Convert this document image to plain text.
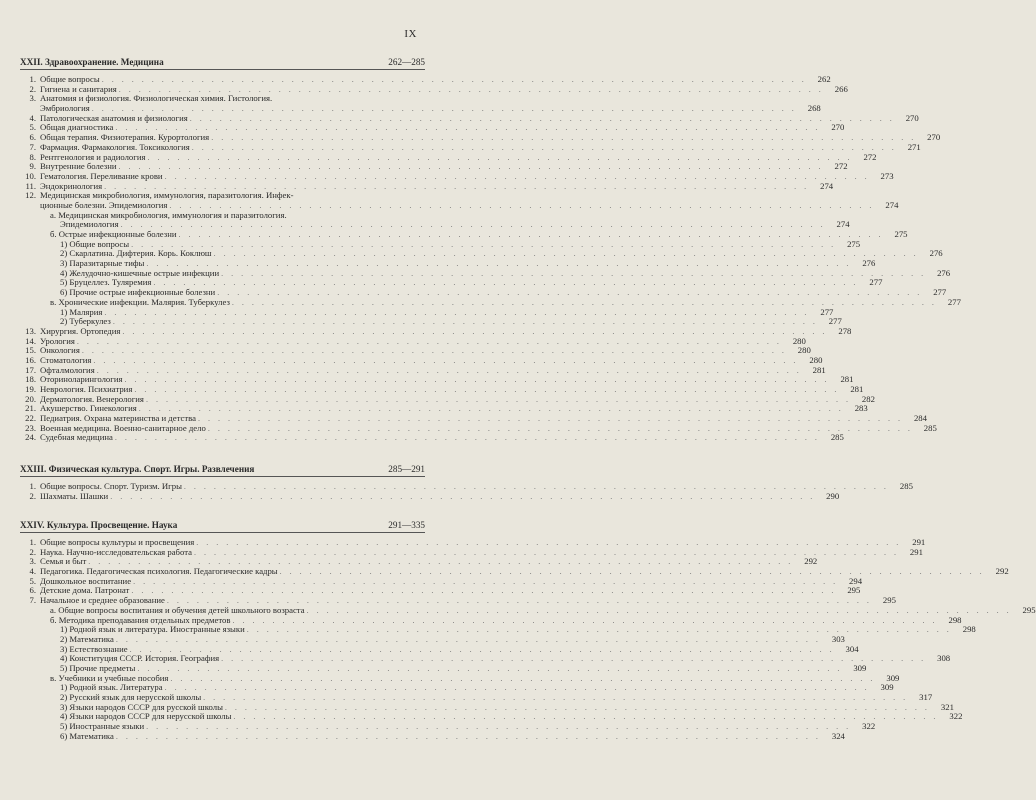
IX
XXII. Здравоохранение. Медицина	262—285
1. Общие вопросы . . .	262
2. Гигиена и санитария . . .	266
3. Анатомия и физиология. Физиологическая химия. Гистология.
Эмбриология . . .	268
4. Патологическая анатомия и физиология . . .	270
5. Общая диагностика . . .	270
6. Общая терапия. Физиотерапия. Курортология . . .	270
7. Фармация. Фармакология. Токсикология . . .	271
8. Рентгенология и радиология . . .	272
9. Внутренние болезни . . .	272
10. Гематология. Переливание крови . . .	273
11. Эндокринология . . .	274
12. Медицинская микробиология, иммунология, паразитология. Инфек-
ционные болезни. Эпидемиология . . .	274
а. Медицинская микробиология, иммунология и паразитология.
Эпидемиология . . .	274
б. Острые инфекционные болезни . . .	275
1) Общие вопросы . . .	275
2) Скарлатина. Дифтерия. Корь. Коклюш . . .	276
3) Паразитарные тифы . . .	276
4) Желудочно-кишечные острые инфекции . . .	276
5) Бруцеллез. Туляремия . . .	277
6) Прочие острые инфекционные болезни . . .	277
в. Хронические инфекции. Малярия. Туберкулез . . .	277
1) Малярия . . .	277
2) Туберкулез . . .	277
13. Хирургия. Ортопедия . . .	278
14. Урология . . .	280
15. Онкология . . .	280
16. Стоматология . . .	280
17. Офталмология . . .	281
18. Оториноларингология . . .	281
19. Неврология. Психиатрия . . .	281
20. Дерматология. Венерология . . .	282
21. Акушерство. Гинекология . . .	283
22. Педиатрия. Охрана материнства и детства . . .	284
23. Военная медицина. Военно-санитарное дело . . .	285
24. Судебная медицина . . .	285
XXIII. Физическая культура. Спорт. Игры. Развлечения	285—291
1. Общие вопросы. Спорт. Туризм. Игры . . .	285
2. Шахматы. Шашки . . .	290
XXIV. Культура. Просвещение. Наука	291—335
1. Общие вопросы культуры и просвещения . . .	291
2. Наука. Научно-исследовательская работа . . .	291
3. Семья и быт . . .	292
4. Педагогика. Педагогическая психология. Педагогические кадры . . .	292
5. Дошкольное воспитание . . .	294
6. Детские дома. Патронат . . .	295
7. Начальное и среднее образование . . .	295
а. Общие вопросы воспитания и обучения детей школьного возраста . . .	295
б. Методика преподавания отдельных предметов . . .	298
1) Родной язык и литература. Иностранные языки . . .	298
2) Математика . . .	303
3) Естествознание . . .	304
4) Конституция СССР. История. География . . .	308
5) Прочие предметы . . .	309
в. Учебники и учебные пособия . . .	309
1) Родной язык. Литература . . .	309
2) Русский язык для нерусской школы . . .	317
3) Языки народов СССР для русской школы . . .	321
4) Языки народов СССР для нерусской школы . . .	322
5) Иностранные языки . . .	322
6) Математика . . .	324
